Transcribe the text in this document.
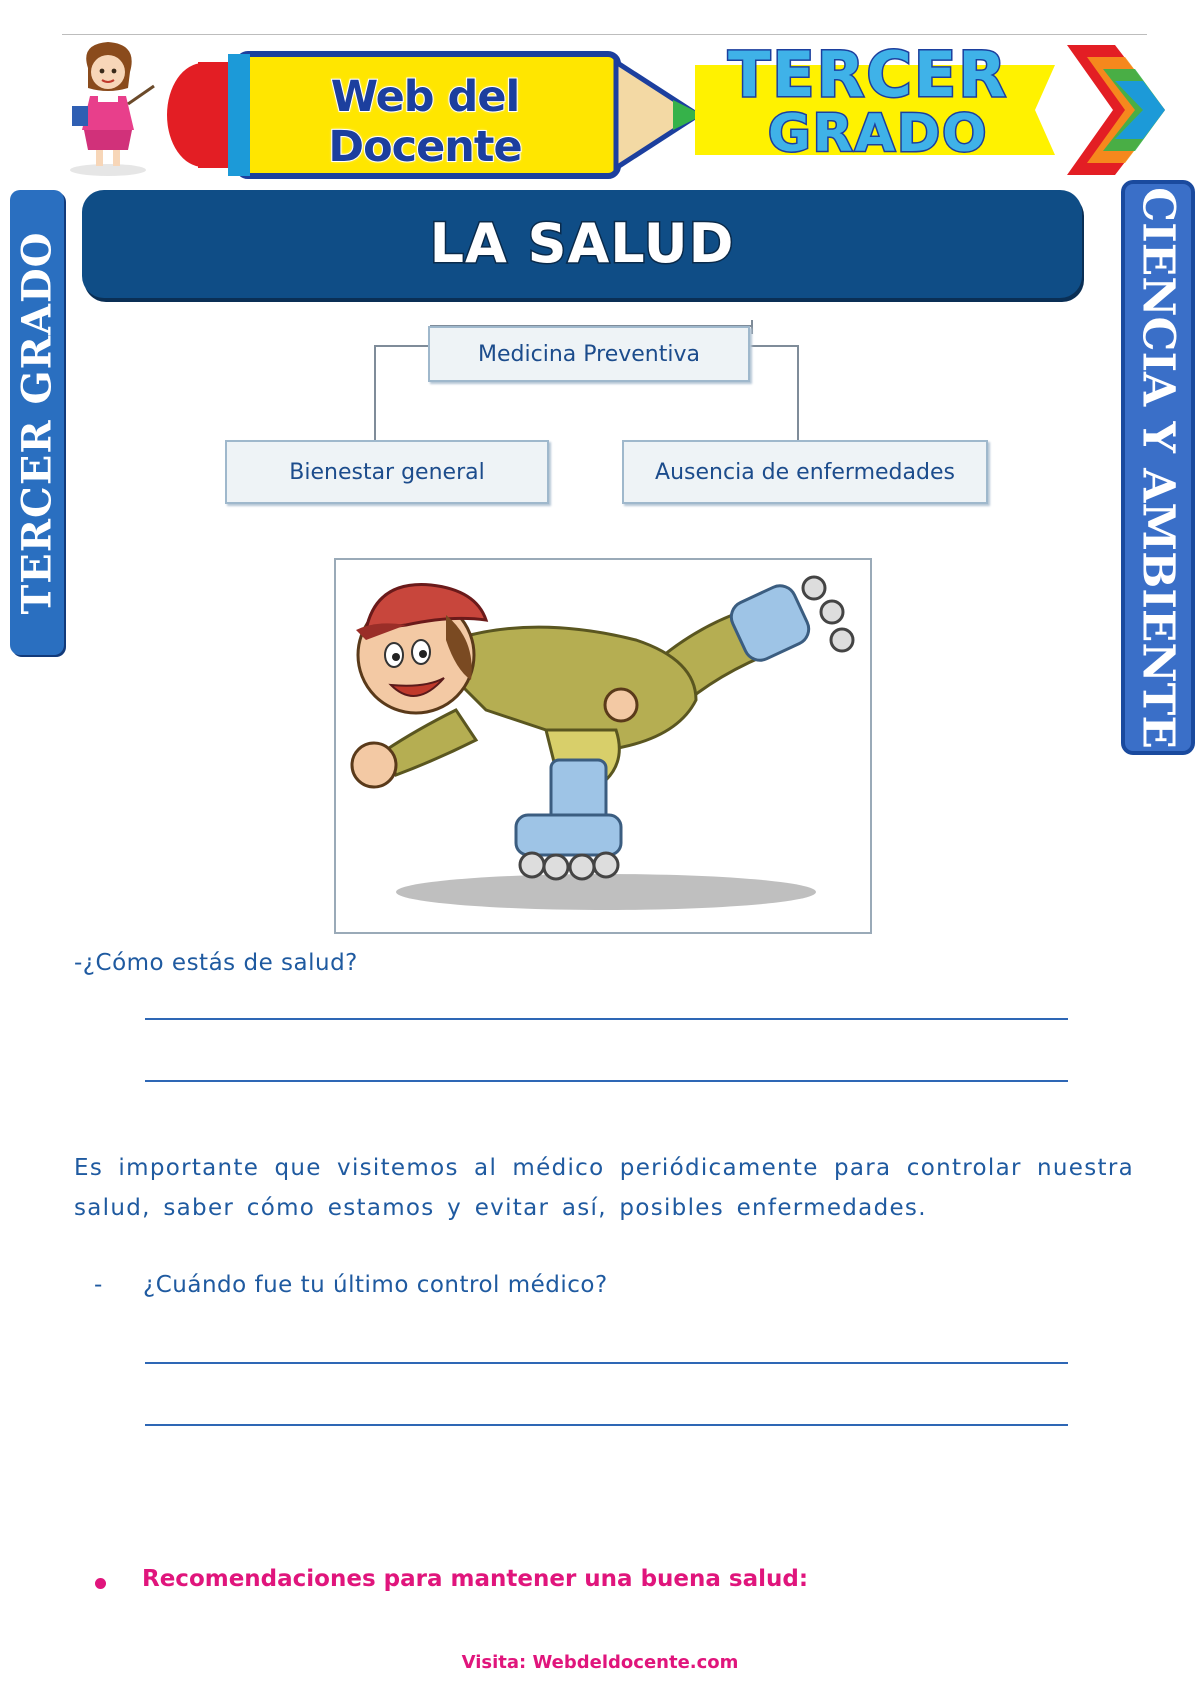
Web del Docente
TERCER
GRADO
TERCER GRADO	CIENCIA Y AMBIENTE
LA SALUD
Medicina Preventiva
Bienestar general	Ausencia de enfermedades
-¿Cómo estás de salud?
Es importante que visitemos al médico periódicamente para controlar nuestra salud, saber cómo estamos y evitar así, posibles enfermedades.
- ¿Cuándo fue tu último control médico?
Recomendaciones para mantener una buena salud:
Visita: Webdeldocente.com
